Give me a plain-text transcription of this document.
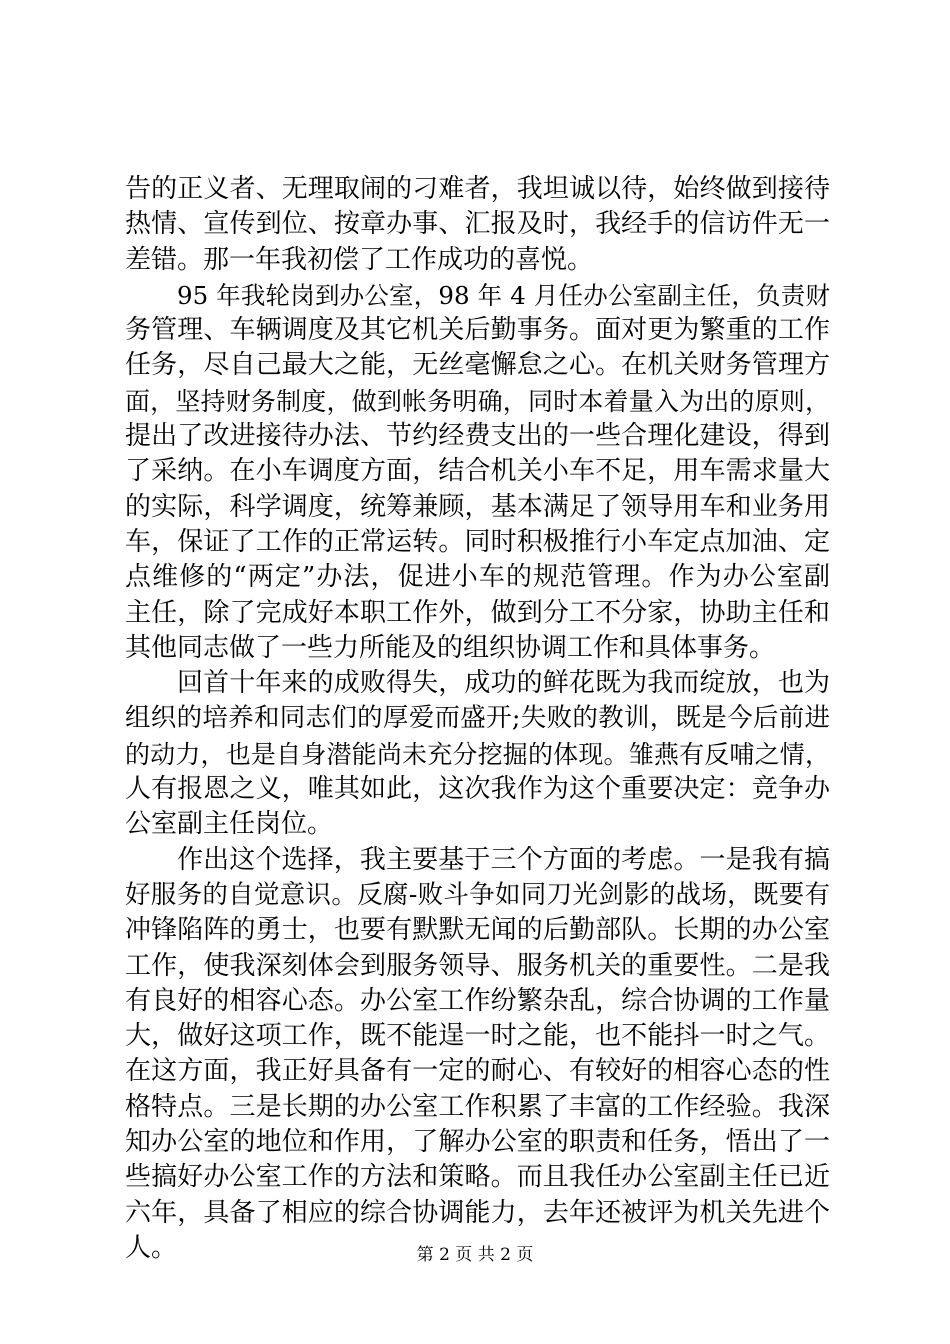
告的正义者、无理取闹的刁难者，我坦诚以待，始终做到接待
热情、宣传到位、按章办事、汇报及时，我经手的信访件无一
差错。那一年我初偿了工作成功的喜悦。
95 年我轮岗到办公室，98 年 4 月任办公室副主任，负责财
务管理、车辆调度及其它机关后勤事务。面对更为繁重的工作
任务，尽自己最大之能，无丝毫懈怠之心。在机关财务管理方
面，坚持财务制度，做到帐务明确，同时本着量入为出的原则，
提出了改进接待办法、节约经费支出的一些合理化建设，得到
了采纳。在小车调度方面，结合机关小车不足，用车需求量大
的实际，科学调度，统筹兼顾，基本满足了领导用车和业务用
车，保证了工作的正常运转。同时积极推行小车定点加油、定
点维修的“两定”办法，促进小车的规范管理。作为办公室副
主任，除了完成好本职工作外，做到分工不分家，协助主任和
其他同志做了一些力所能及的组织协调工作和具体事务。
回首十年来的成败得失，成功的鲜花既为我而绽放，也为
组织的培养和同志们的厚爱而盛开;失败的教训，既是今后前进
的动力，也是自身潜能尚未充分挖掘的体现。雏燕有反哺之情，
人有报恩之义，唯其如此，这次我作为这个重要决定：竞争办
公室副主任岗位。
作出这个选择，我主要基于三个方面的考虑。一是我有搞
好服务的自觉意识。反腐-败斗争如同刀光剑影的战场，既要有
冲锋陷阵的勇士，也要有默默无闻的后勤部队。长期的办公室
工作，使我深刻体会到服务领导、服务机关的重要性。二是我
有良好的相容心态。办公室工作纷繁杂乱，综合协调的工作量
大，做好这项工作，既不能逞一时之能，也不能抖一时之气。
在这方面，我正好具备有一定的耐心、有较好的相容心态的性
格特点。三是长期的办公室工作积累了丰富的工作经验。我深
知办公室的地位和作用，了解办公室的职责和任务，悟出了一
些搞好办公室工作的方法和策略。而且我任办公室副主任已近
六年，具备了相应的综合协调能力，去年还被评为机关先进个
人。	第 2 页 共 2 页
